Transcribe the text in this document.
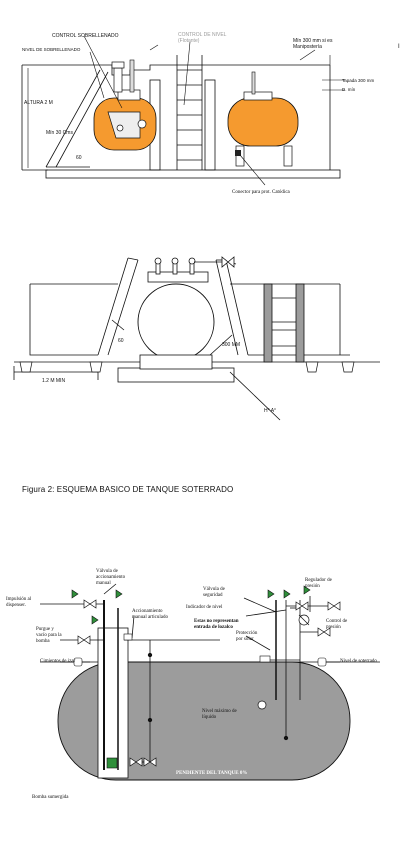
CONTROL SOBRELLENADO	CONTROL DE NIVEL
(Flotante)
NIVEL DE SOBRELLENADO
Mín 300 mm si es
Manipostería
Tapada 300 mm
D. mín
ALTURA 2 M
Mín 30 Cms
60
Conector para prot. Catódica
I
60
300 MM
1.2 M MIN
H° A°
Válvula de
accionamiento
manual
Impulsión al
dispenser.
Purgue y
vacío para la
bomba
Accionamiento
manual articulado
Válvula de
seguridad
Indicador de nivel
Regulador de
presión
Estas no representan
entrada de lozalco
Protección
por solar
Control de
presión
Cimientos de izar	Nivel de soterrado
Nivel máximo de
líquido
PENDIENTE DEL TANQUE 0%
Bomba sumergida
Figura 2: ESQUEMA BASICO DE TANQUE SOTERRADO
